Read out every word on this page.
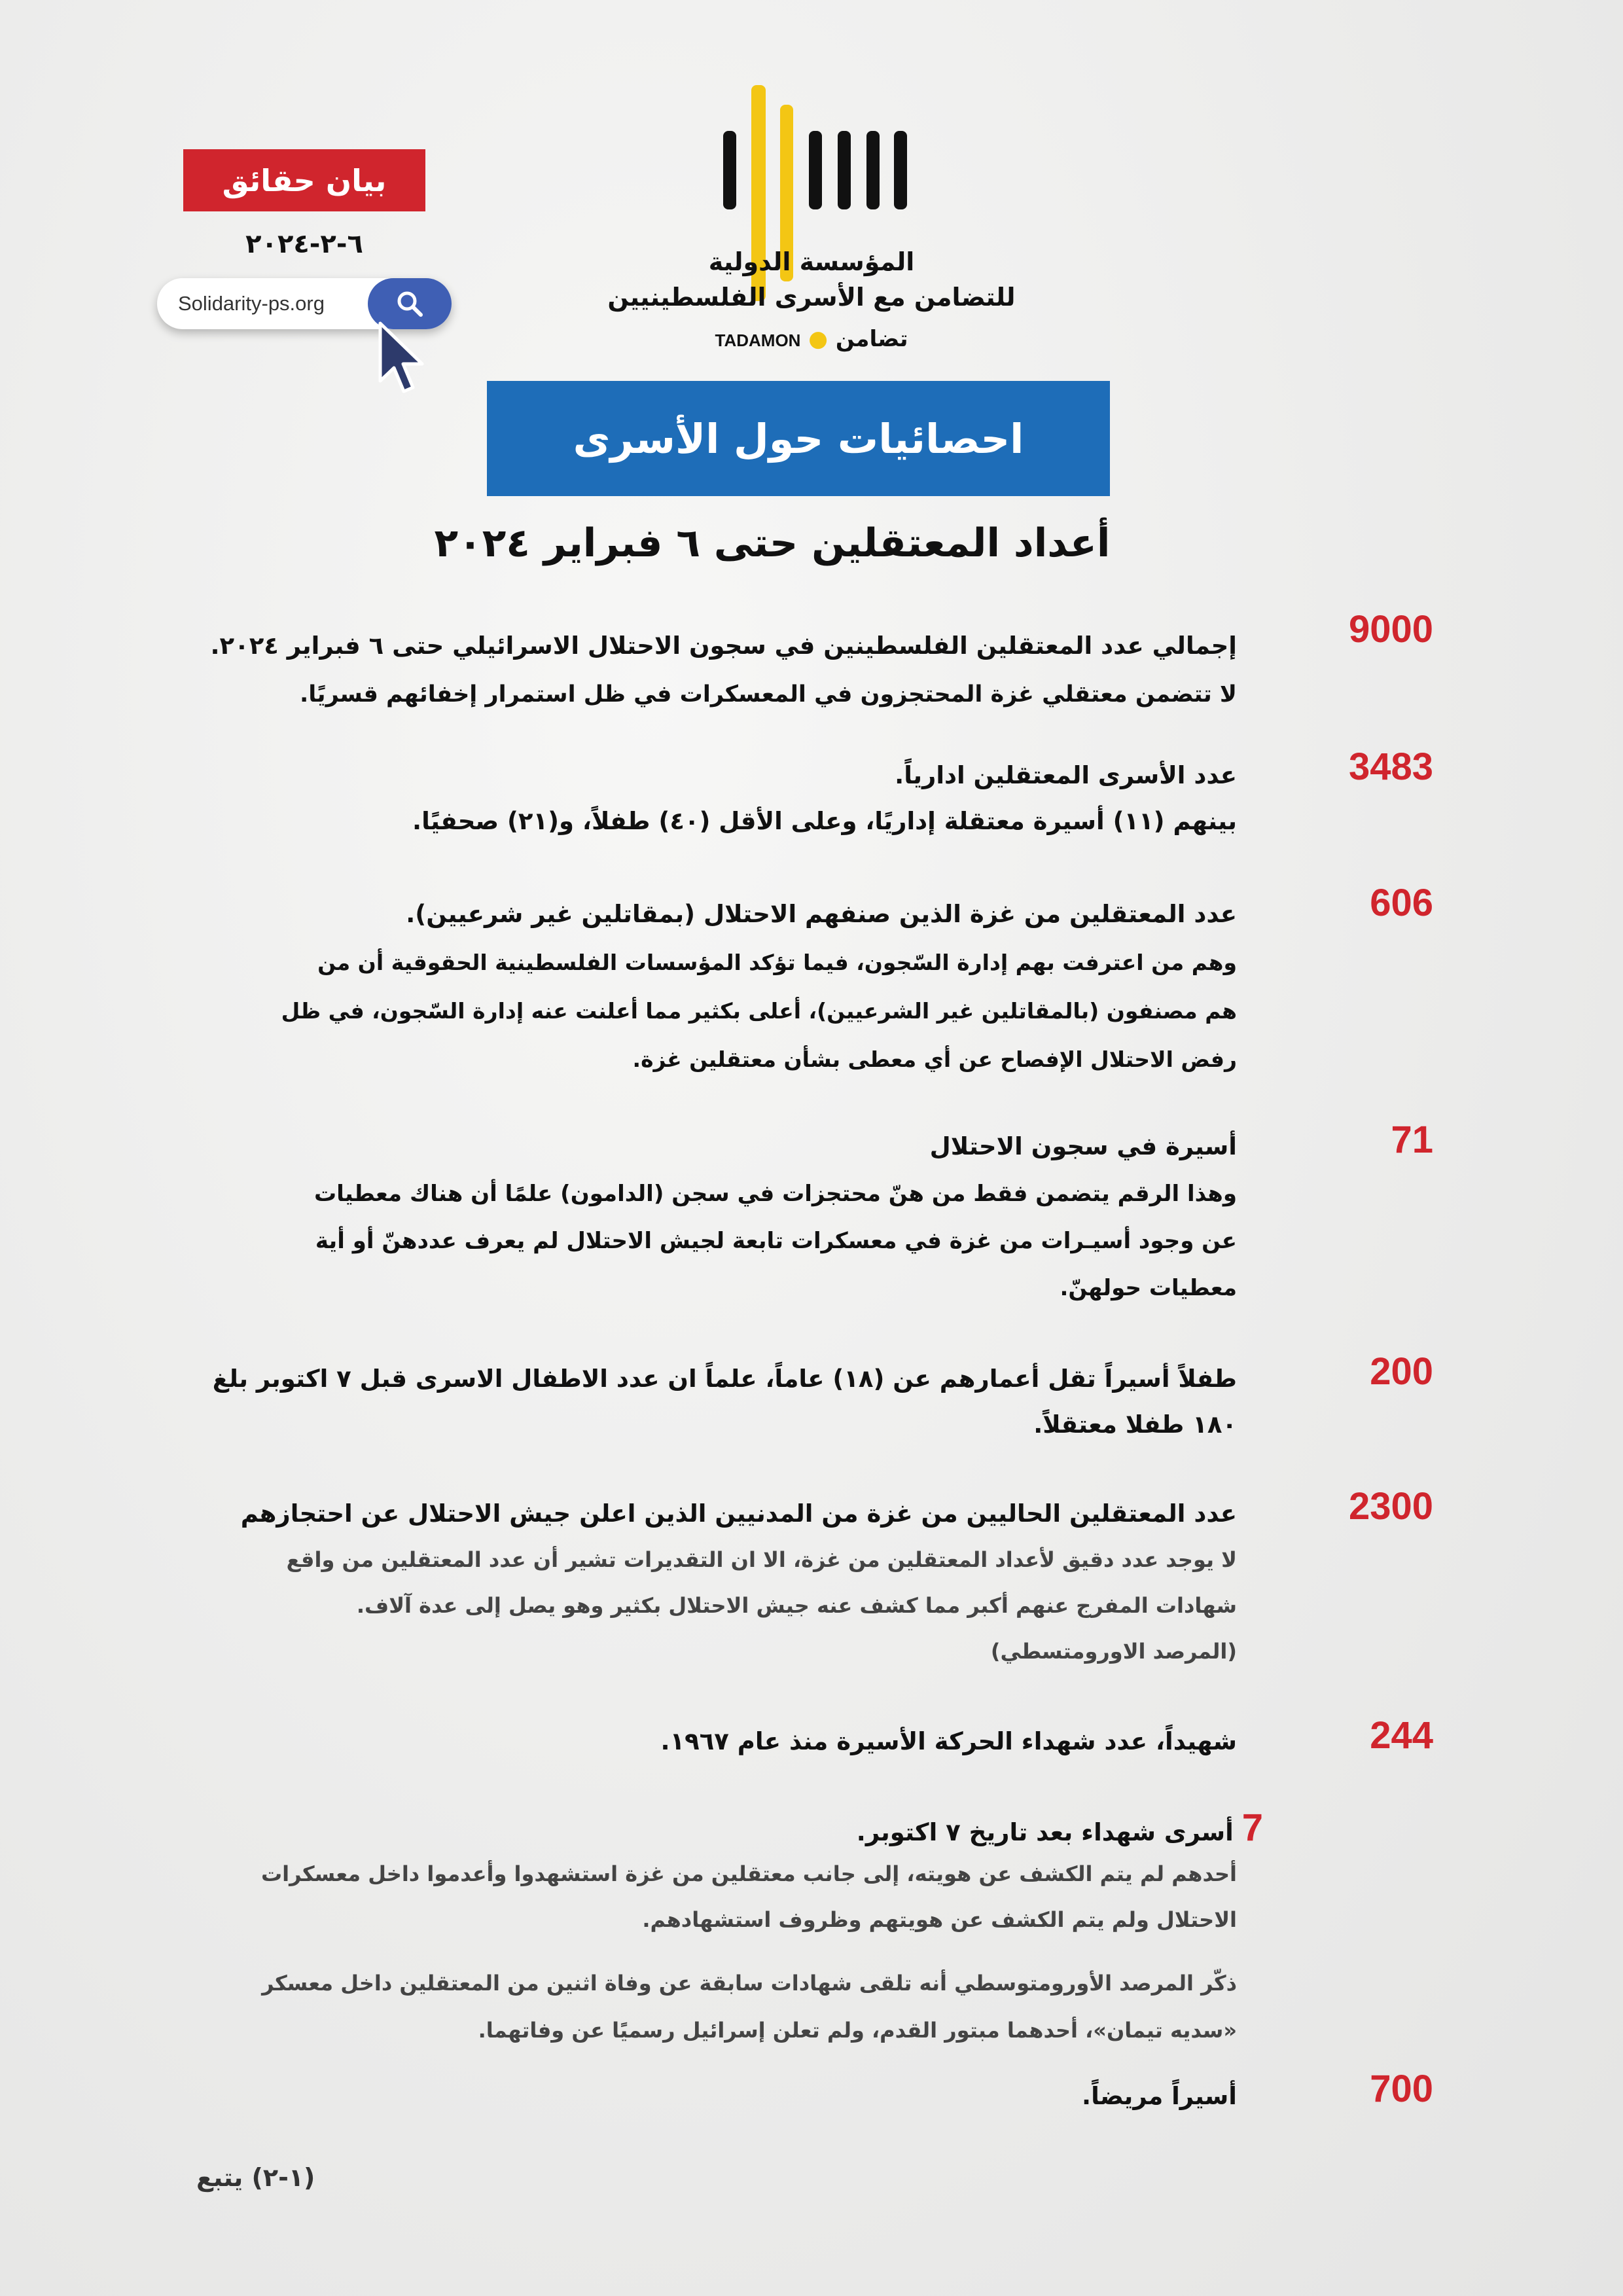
المؤسسة الدولية
للتضامن مع الأسرى الفلسطينيين
TADAMON ● تضامن
بيان حقائق
٦-٢-٢٠٢٤
Solidarity-ps.org
احصائيات حول الأسرى
أعداد المعتقلين حتى ٦ فبراير ٢٠٢٤
9000
إجمالي عدد المعتقلين الفلسطينين في سجون الاحتلال الاسرائيلي حتى ٦ فبراير ٢٠٢٤.
لا تتضمن معتقلي غزة المحتجزون في المعسكرات في ظل استمرار إخفائهم قسريًا.
3483
عدد الأسرى المعتقلين ادارياً.
بينهم (١١) أسيرة معتقلة إداريًا، وعلى الأقل (٤٠) طفلاً، و(٢١) صحفيًا.
606
عدد المعتقلين من غزة الذين صنفهم الاحتلال (بمقاتلين غير شرعيين).
وهم من اعترفت بهم إدارة السّجون، فيما تؤكد المؤسسات الفلسطينية الحقوقية أن من
هم مصنفون (بالمقاتلين غير الشرعيين)، أعلى بكثير مما أعلنت عنه إدارة السّجون، في ظل
رفض الاحتلال الإفصاح عن أي معطى بشأن معتقلين غزة.
71
أسيرة في سجون الاحتلال
وهذا الرقم يتضمن فقط من هنّ محتجزات في سجن (الدامون) علمًا أن هناك معطيات
عن وجود أسيـرات من غزة في معسكرات تابعة لجيش الاحتلال لم يعرف عددهنّ أو أية
معطيات حولهنّ.
200
طفلاً أسيراً تقل أعمارهم عن (١٨) عاماً، علماً ان عدد الاطفال الاسرى قبل ٧ اكتوبر بلغ
١٨٠ طفلا معتقلاً.
2300
عدد المعتقلين الحاليين من غزة من المدنيين الذين اعلن جيش الاحتلال عن احتجازهم
لا يوجد عدد دقيق لأعداد المعتقلين من غزة، الا ان التقديرات تشير أن عدد المعتقلين من واقع
شهادات المفرج عنهم أكبر مما كشف عنه جيش الاحتلال بكثير وهو يصل إلى عدة آلاف.
(المرصد الاورومتسطي)
244
شهيداً، عدد شهداء الحركة الأسيرة منذ عام ١٩٦٧.
7 أسرى شهداء بعد تاريخ ٧ اكتوبر.
أحدهم لم يتم الكشف عن هويته، إلى جانب معتقلين من غزة استشهدوا وأعدموا داخل معسكرات
الاحتلال ولم يتم الكشف عن هويتهم وظروف استشهادهم.
ذكّر المرصد الأورومتوسطي أنه تلقى شهادات سابقة عن وفاة اثنين من المعتقلين داخل معسكر
«سديه تيمان»، أحدهما مبتور القدم، ولم تعلن إسرائيل رسميًا عن وفاتهما.
700
أسيراً مريضاً.
(١-٢) يتبع
